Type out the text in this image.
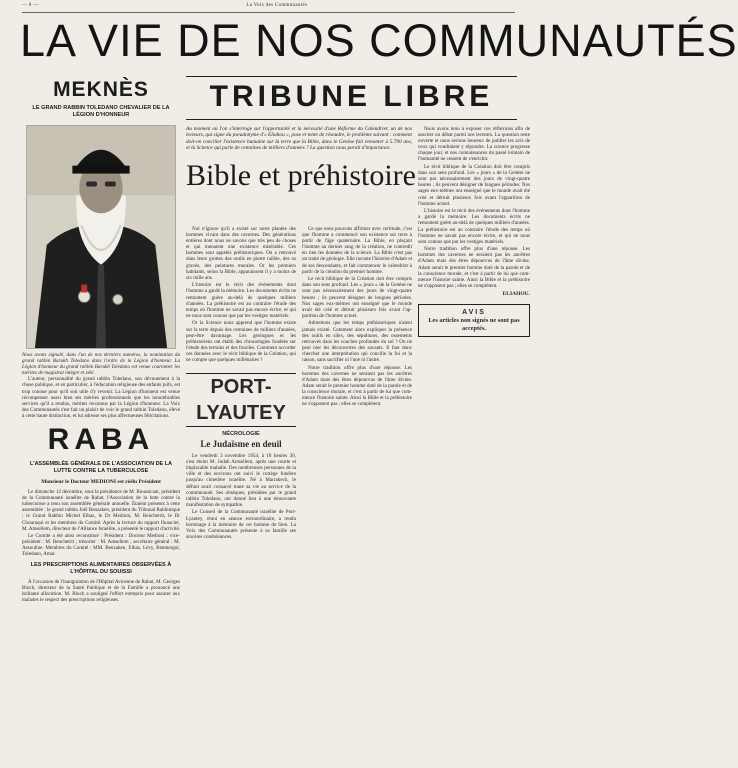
— 8 —	La Voix des Communautés
LA VIE DE NOS COMMUNAUTÉS
TRIBUNE LIBRE
MEKNÈS
LE GRAND RABBIN TOLEDANO CHEVALIER DE LA LÉGION D'HONNEUR
Nous avons signalé, dans l'un de nos derniers numéros, la nomination du grand rabbin Barukh Toledano dans l'ordre de la Légion d'honneur. La Légion d'honneur du grand rabbin Barukh Toledano est venue couronner les mérites de magistrat intègre et zélé.

L'auteur, personnalité du grand rabbin Toledano, son dévouement à la chose publique, et en particulier, à l'éducation religieuse des enfants juifs, est trop connue pour qu'il soit utile d'y revenir. La Légion d'honneur est venue récompenser aussi bien ses mérites professionnels que les innombrables services qu'il a rendus, mérites reconnus par la Légion d'honneur. La Voix des Communautés s'est fait un plaisir de voir le grand rabbin Toledano, élevé à cette haute distinction, et lui adresse ses plus affectueuses félicitations.

RABA
L'ASSEMBLÉE GÉNÉRALE DE L'ASSOCIATION DE LA LUTTE CONTRE LA TUBERCULOSE
Monsieur le Docteur MEDIONI est réélu Président

Le dimanche 12 décembre, sous la présidence de M. Boussicaut, président de la Communauté israélite de Rabat, l'Association de la lutte contre la tuberculose a tenu son assemblée générale annuelle. Étaient présents à cette assemblée : le grand rabbin Joël Benzaken, président du Tribunal Rabbinique ; le Grand Rabbin Michel Elbaz, le Dr Medioni, M. Benchetrit, le Dr Chouraqui et les membres du Comité. Après la lecture du rapport financier, M. Amsellem, directeur de l'Alliance Israélite, a présenté le rapport d'activité.

Le Comité a été ainsi reconstitué : Président : Docteur Medioni ; vice-président : M. Benchetrit ; trésorier : M. Amsellem ; secrétaire général : M. Assouline. Membres du Comité : MM. Benzaken, Elbaz, Lévy, Benmergui, Toledano, Amar.

LES PRESCRIPTIONS ALIMENTAIRES OBSERVÉES À L'HÔPITAL DU SOUISSI

À l'occasion de l'inauguration de l'Hôpital Avicenne de Rabat, M. Georges Bloch, directeur de la Santé Publique et de la Famille a prononcé une brillante allocution. M. Bloch a souligné l'effort entrepris pour assurer aux malades le respect des prescriptions religieuses.

Au moment où l'on s'interroge sur l'opportunité et la nécessité d'une Réforme du Calendrier, un de nos lecteurs, qui signe du pseudonyme d'« Eliahou », pose et tente de résoudre, le problème suivant : comment doit-on concilier l'existence humaine sur la terre que la Bible, dans le Genèse fait remonter à 5.700 ans, et la Science qui parle de centaines de milliers d'années ? La question nous paraît d'importance.
Bible et préhistoire

Nul n'ignore qu'il a existé sur notre planète des hommes vivant dans des cavernes. Des générations entières dont nous ne savons que très peu de choses et qui menaient une existence misérable. Ces hommes sont appelés préhistoriques. On a retrouvé dans leurs grottes des outils en pierre taillée, des os gravés, des peintures murales. Or les premiers habitants, selon la Bible, apparaissent il y a moins de six mille ans.

L'histoire est le récit des événements dont l'homme a gardé la mémoire. Les documents écrits ne remontent guère au-delà de quelques milliers d'années. La préhistoire est au contraire l'étude des temps où l'homme ne savait pas encore écrire, et qui ne nous sont connus que par les vestiges matériels.

Or la Science nous apprend que l'homme existe sur la terre depuis des centaines de milliers d'années, peut-être davantage. Les géologues et les préhistoriens ont établi des chronologies fondées sur l'étude des terrains et des fossiles. Comment accorder ces données avec le récit biblique de la Création, qui ne compte que quelques millénaires ?

PORT-LYAUTEY
NÉCROLOGIE
Le Judaïsme en deuil

Le vendredi 3 novembre 1954, à 18 heures 30, s'est éteint M. Judah Amsellem, après une courte et implacable maladie. Des nombreuses personnes de la ville et des environs ont suivi le cortège funèbre jusqu'au cimetière israélite. Né à Marrakech, le défunt avait consacré toute sa vie au service de la communauté. Ses obsèques, présidées par le grand rabbin Toledano, ont donné lieu à une émouvante manifestation de sympathie.

Le Conseil de la Communauté israélite de Port-Lyautey, réuni en séance extraordinaire, a rendu hommage à la mémoire de cet homme de bien. La Voix des Communautés présente à sa famille ses sincères condoléances.

Ce que nous pouvons affirmer avec certitude, c'est que l'homme a commencé son existence sur terre à partir de l'âge quaternaire. La Bible, en plaçant l'homme au dernier rang de la création, ne contredit en rien les données de la science. La Bible n'est pas un traité de géologie. Elle raconte l'histoire d'Adam et de ses descendants, et fait commencer le calendrier à partir de la création du premier homme.

Le récit biblique de la Création doit être compris dans son sens profond. Les « jours » de la Genèse ne sont pas nécessairement des jours de vingt-quatre heures ; ils peuvent désigner de longues périodes. Nos sages eux-mêmes ont enseigné que le monde avait été créé et détruit plusieurs fois avant l'apparition de l'homme actuel.

Admettons que les temps préhistoriques n'aient jamais existé. Comment alors expliquer la présence des outils en silex, des sépultures, des ossements retrouvés dans les couches profondes du sol ? On ne peut nier les découvertes des savants. Il faut donc chercher une interprétation qui concilie la foi et la raison, sans sacrifier ni l'une ni l'autre.

Notre tradition offre plus d'une réponse. Les hommes des cavernes ne seraient pas les ancêtres d'Adam mais des êtres dépourvus de l'âme divine. Adam serait le premier homme doté de la parole et de la conscience morale, et c'est à partir de lui que commence l'histoire sainte. Ainsi la Bible et la préhistoire ne s'opposent pas ; elles se complètent.

Nous avons tenu à exposer ces réflexions afin de susciter un débat parmi nos lecteurs. La question reste ouverte et nous serions heureux de publier les avis de ceux qui voudraient y répondre. La science progresse chaque jour, et nos connaissances du passé lointain de l'humanité ne cessent de s'enrichir.

Le récit biblique de la Création doit être compris dans son sens profond. Les « jours » de la Genèse ne sont pas nécessairement des jours de vingt-quatre heures ; ils peuvent désigner de longues périodes. Nos sages eux-mêmes ont enseigné que le monde avait été créé et détruit plusieurs fois avant l'apparition de l'homme actuel.

L'histoire est le récit des événements dont l'homme a gardé la mémoire. Les documents écrits ne remontent guère au-delà de quelques milliers d'années. La préhistoire est au contraire l'étude des temps où l'homme ne savait pas encore écrire, et qui ne nous sont connus que par les vestiges matériels.

Notre tradition offre plus d'une réponse. Les hommes des cavernes ne seraient pas les ancêtres d'Adam mais des êtres dépourvus de l'âme divine. Adam serait le premier homme doté de la parole et de la conscience morale, et c'est à partir de lui que commence l'histoire sainte. Ainsi la Bible et la préhistoire ne s'opposent pas ; elles se complètent.

ELIAHOU.
AVIS
Les articles non signés ne sont pas acceptés.
